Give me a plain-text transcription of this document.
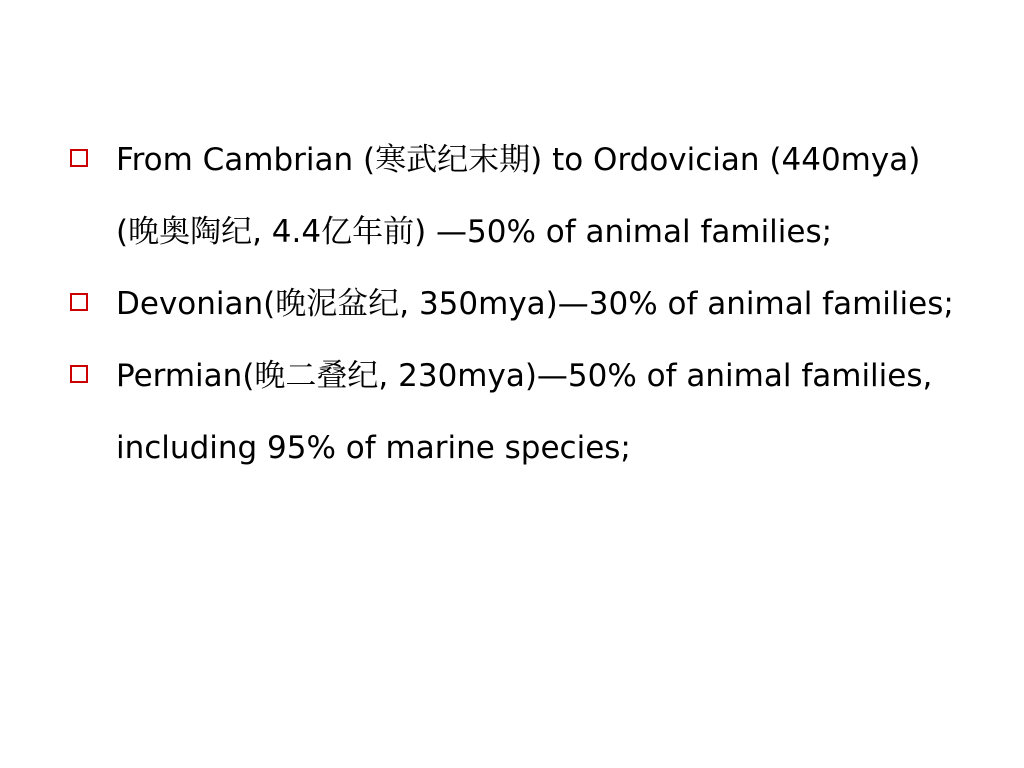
From Cambrian (寒武纪末期) to Ordovician (440mya) (晚奥陶纪, 4.4亿年前) —50% of animal families;
Devonian(晚泥盆纪, 350mya)—30% of animal families;
Permian(晚二叠纪, 230mya)—50% of animal families, including 95% of marine species;
